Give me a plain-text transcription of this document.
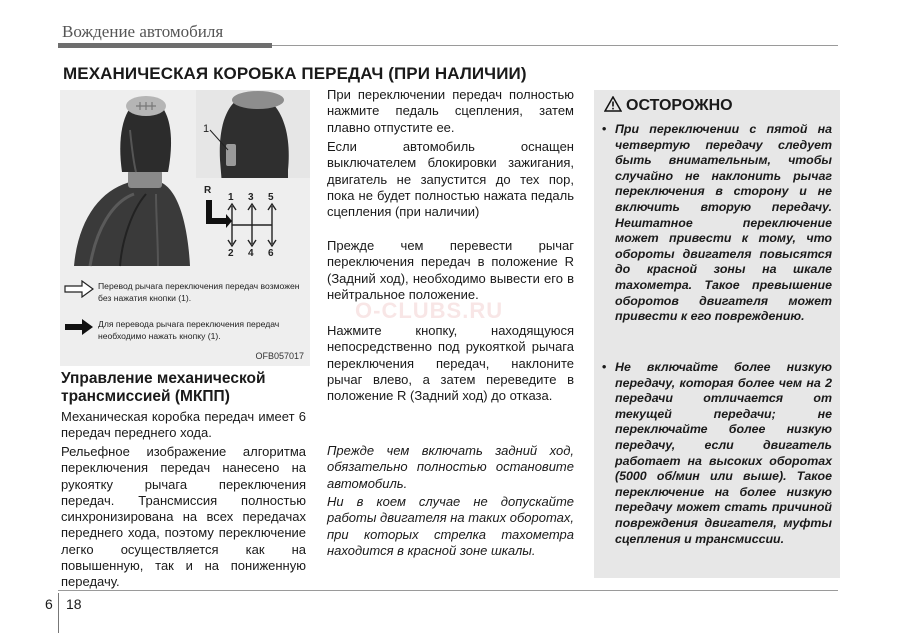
Вождение автомобиля
МЕХАНИЧЕСКАЯ КОРОБКА ПЕРЕДАЧ (ПРИ НАЛИЧИИ)
1
R
1 3 5
2 4 6
Перевод рычага переключения передач возможен без нажатия кнопки (1).
Для перевода рычага переключения передач необходимо нажать кнопку (1).
OFB057017
Управление механической трансмиссией (МКПП)
Механическая коробка передач имеет 6 передач переднего хода.
Рельефное изображение алгоритма переключения передач нанесено на рукоятку рычага переключения передач. Трансмиссия полностью синхронизирована на всех передачах переднего хода, поэтому переключение легко осуществляется как на повышенную, так и на пониженную передачу.
При переключении передач полностью нажмите педаль сцепления, затем плавно отпустите ее.
Если автомобиль оснащен выключателем блокировки зажигания, двигатель не запустится до тех пор, пока не будет полностью нажата педаль сцепления (при наличии)
Прежде чем перевести рычаг переключения передач в положение R (Задний ход), необходимо вывести его в нейтральное положение.
Нажмите кнопку, находящуюся непосредственно под рукояткой рычага переключения передач, наклоните рычаг влево, а затем переведите в положение R (Задний ход) до отказа.
Прежде чем включать задний ход, обязательно полностью остановите автомобиль.
Ни в коем случае не допускайте работы двигателя на таких оборотах, при которых стрелка тахометра находится в красной зоне шкалы.
O-CLUBS.RU
ОСТОРОЖНО
• При переключении с пятой на четвертую передачу следует быть внимательным, чтобы случайно не наклонить рычаг переключения в сторону и не включить вторую передачу. Нештатное переключение может привести к тому, что обороты двигателя повысятся до красной зоны на шкале тахометра. Такое превышение оборотов двигателя может привести к его повреждению.
• Не включайте более низкую передачу, которая более чем на 2 передачи отличается от текущей передачи; не переключайте более низкую передачу, если двигатель работает на высоких оборотах (5000 об/мин или выше). Такое переключение на более низкую передачу может стать причиной повреждения двигателя, муфты сцепления и трансмиссии.
6 18
